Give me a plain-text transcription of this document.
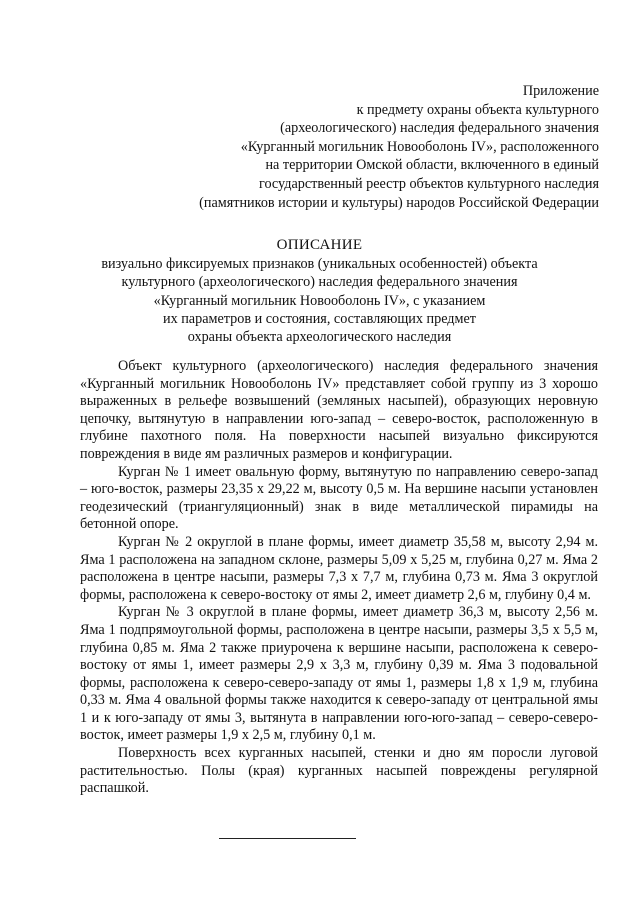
Приложение
к предмету охраны объекта культурного
(археологического) наследия федерального значения
«Курганный могильник Новооболонь IV», расположенного
на территории Омской области, включенного в единый
государственный реестр объектов культурного наследия
(памятников истории и культуры) народов Российской Федерации
ОПИСАНИЕ
визуально фиксируемых признаков (уникальных особенностей) объекта
культурного (археологического) наследия федерального значения
«Курганный могильник Новооболонь IV», с указанием
их параметров и состояния, составляющих предмет
охраны объекта археологического наследия

Объект культурного (археологического) наследия федерального значения «Курганный могильник Новооболонь IV» представляет собой группу из 3 хорошо выраженных в рельефе возвышений (земляных насыпей), образующих неровную цепочку, вытянутую в направлении юго-запад – северо-восток, расположенную в глубине пахотного поля. На поверхности насыпей визуально фиксируются повреждения в виде ям различных размеров и конфигурации.

Курган № 1 имеет овальную форму, вытянутую по направлению северо-запад – юго-восток, размеры 23,35 х 29,22 м, высоту 0,5 м. На вершине насыпи установлен геодезический (триангуляционный) знак в виде металлической пирамиды на бетонной опоре.

Курган № 2 округлой в плане формы, имеет диаметр 35,58 м, высоту 2,94 м. Яма 1 расположена на западном склоне, размеры 5,09 х 5,25 м, глубина 0,27 м. Яма 2 расположена в центре насыпи, размеры 7,3 х 7,7 м, глубина 0,73 м. Яма 3 округлой формы, расположена к северо-востоку от ямы 2, имеет диаметр 2,6 м, глубину 0,4 м.

Курган № 3 округлой в плане формы, имеет диаметр 36,3 м, высоту 2,56 м. Яма 1 подпрямоугольной формы, расположена в центре насыпи, размеры 3,5 х 5,5 м, глубина 0,85 м. Яма 2 также приурочена к вершине насыпи, расположена к северо-востоку от ямы 1, имеет размеры 2,9 х 3,3 м, глубину 0,39 м. Яма 3 подовальной формы, расположена к северо-северо-западу от ямы 1, размеры 1,8 х 1,9 м, глубина 0,33 м. Яма 4 овальной формы также находится к северо-западу от центральной ямы 1 и к юго-западу от ямы 3, вытянута в направлении юго-юго-запад – северо-северо-восток, имеет размеры 1,9 х 2,5 м, глубину 0,1 м.

Поверхность всех курганных насыпей, стенки и дно ям поросли луговой растительностью. Полы (края) курганных насыпей повреждены регулярной распашкой.
